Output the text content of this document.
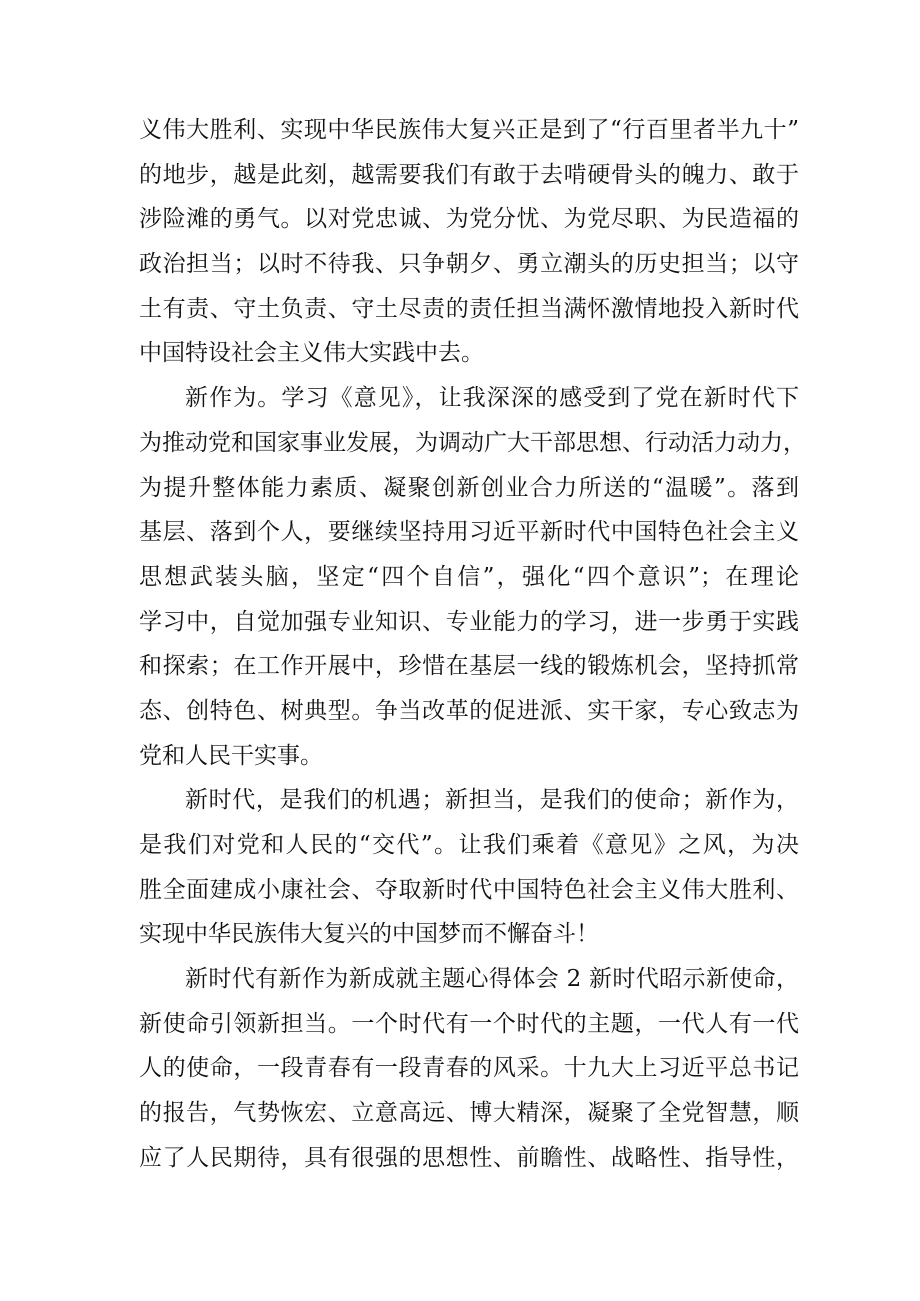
义伟大胜利、实现中华民族伟大复兴正是到了“行百里者半九十”
的地步，越是此刻，越需要我们有敢于去啃硬骨头的魄力、敢于
涉险滩的勇气。以对党忠诚、为党分忧、为党尽职、为民造福的
政治担当；以时不待我、只争朝夕、勇立潮头的历史担当；以守
土有责、守土负责、守土尽责的责任担当满怀激情地投入新时代
中国特设社会主义伟大实践中去。
新作为。学习《意见》，让我深深的感受到了党在新时代下
为推动党和国家事业发展，为调动广大干部思想、行动活力动力，
为提升整体能力素质、凝聚创新创业合力所送的“温暖”。落到
基层、落到个人，要继续坚持用习近平新时代中国特色社会主义
思想武装头脑，坚定“四个自信”，强化“四个意识”；在理论
学习中，自觉加强专业知识、专业能力的学习，进一步勇于实践
和探索；在工作开展中，珍惜在基层一线的锻炼机会，坚持抓常
态、创特色、树典型。争当改革的促进派、实干家，专心致志为
党和人民干实事。
新时代，是我们的机遇；新担当，是我们的使命；新作为，
是我们对党和人民的“交代”。让我们乘着《意见》之风，为决
胜全面建成小康社会、夺取新时代中国特色社会主义伟大胜利、
实现中华民族伟大复兴的中国梦而不懈奋斗！
新时代有新作为新成就主题心得体会 2 新时代昭示新使命，
新使命引领新担当。一个时代有一个时代的主题，一代人有一代
人的使命，一段青春有一段青春的风采。十九大上习近平总书记
的报告，气势恢宏、立意高远、博大精深，凝聚了全党智慧，顺
应了人民期待，具有很强的思想性、前瞻性、战略性、指导性，
